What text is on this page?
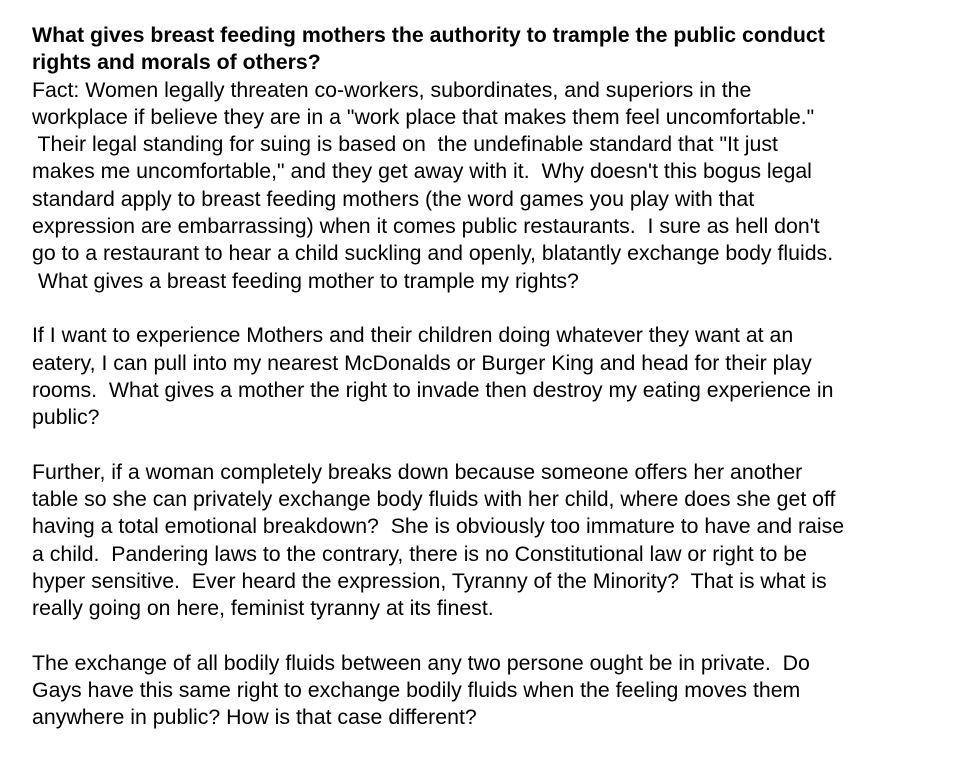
What gives breast feeding mothers the authority to trample the public conduct
rights and morals of others?
Fact: Women legally threaten co-workers, subordinates, and superiors in the
workplace if believe they are in a "work place that makes them feel uncomfortable."
Their legal standing for suing is based on  the undefinable standard that "It just
makes me uncomfortable," and they get away with it.  Why doesn't this bogus legal
standard apply to breast feeding mothers (the word games you play with that
expression are embarrassing) when it comes public restaurants.  I sure as hell don't
go to a restaurant to hear a child suckling and openly, blatantly exchange body fluids.
What gives a breast feeding mother to trample my rights?
If I want to experience Mothers and their children doing whatever they want at an
eatery, I can pull into my nearest McDonalds or Burger King and head for their play
rooms.  What gives a mother the right to invade then destroy my eating experience in
public?
Further, if a woman completely breaks down because someone offers her another
table so she can privately exchange body fluids with her child, where does she get off
having a total emotional breakdown?  She is obviously too immature to have and raise
a child.  Pandering laws to the contrary, there is no Constitutional law or right to be
hyper sensitive.  Ever heard the expression, Tyranny of the Minority?  That is what is
really going on here, feminist tyranny at its finest.
The exchange of all bodily fluids between any two persone ought be in private.  Do
Gays have this same right to exchange bodily fluids when the feeling moves them
anywhere in public? How is that case different?
